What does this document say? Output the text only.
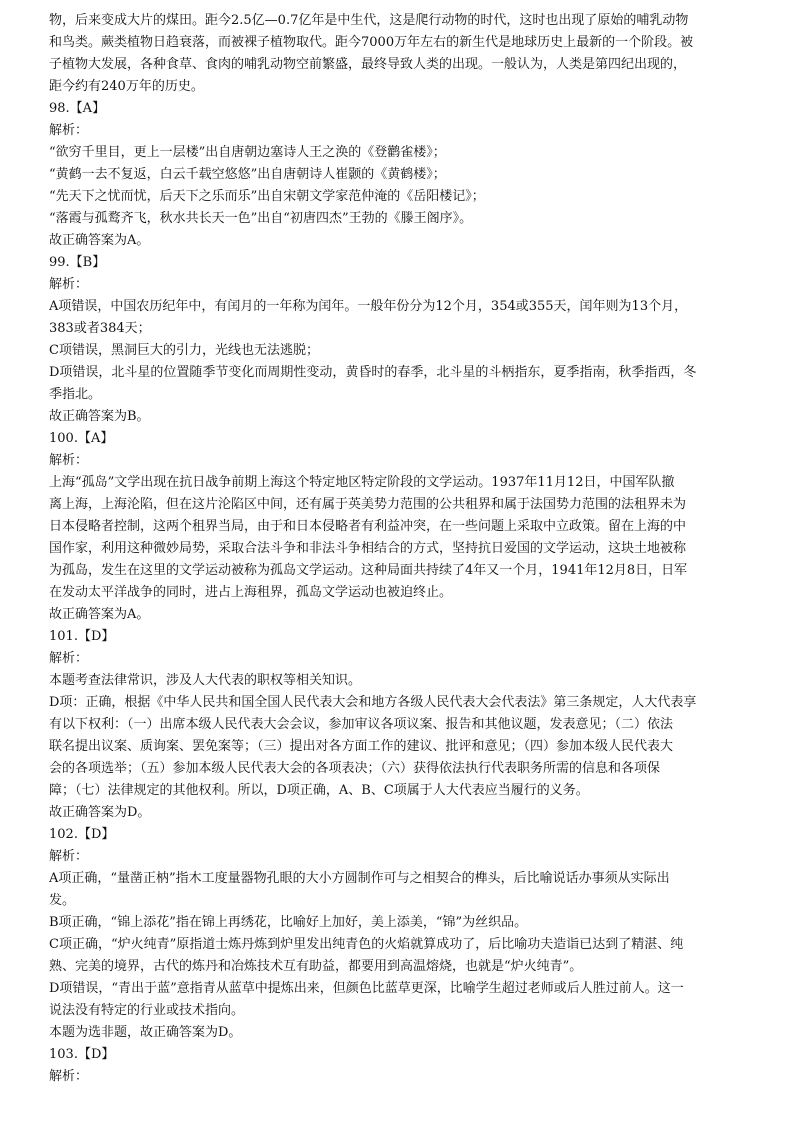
物，后来变成大片的煤田。距今2.5亿—0.7亿年是中生代，这是爬行动物的时代，这时也出现了原始的哺乳动物
和鸟类。蕨类植物日趋衰落，而被裸子植物取代。距今7000万年左右的新生代是地球历史上最新的一个阶段。被
子植物大发展，各种食草、食肉的哺乳动物空前繁盛，最终导致人类的出现。一般认为，人类是第四纪出现的，
距今约有240万年的历史。
98.【A】
解析：
“欲穷千里目，更上一层楼”出自唐朝边塞诗人王之涣的《登鹳雀楼》；
“黄鹤一去不复返，白云千载空悠悠”出自唐朝诗人崔颢的《黄鹤楼》；
“先天下之忧而忧，后天下之乐而乐”出自宋朝文学家范仲淹的《岳阳楼记》；
“落霞与孤鹜齐飞，秋水共长天一色”出自“初唐四杰”王勃的《滕王阁序》。
故正确答案为A。
99.【B】
解析：
A项错误，中国农历纪年中，有闰月的一年称为闰年。一般年份分为12个月，354或355天，闰年则为13个月，
383或者384天；
C项错误，黑洞巨大的引力，光线也无法逃脱；
D项错误，北斗星的位置随季节变化而周期性变动，黄昏时的春季，北斗星的斗柄指东，夏季指南，秋季指西，冬
季指北。
故正确答案为B。
100.【A】
解析：
上海“孤岛”文学出现在抗日战争前期上海这个特定地区特定阶段的文学运动。1937年11月12日，中国军队撤
离上海，上海沦陷，但在这片沦陷区中间，还有属于英美势力范围的公共租界和属于法国势力范围的法租界未为
日本侵略者控制，这两个租界当局，由于和日本侵略者有利益冲突，在一些问题上采取中立政策。留在上海的中
国作家，利用这种微妙局势，采取合法斗争和非法斗争相结合的方式，坚持抗日爱国的文学运动，这块土地被称
为孤岛，发生在这里的文学运动被称为孤岛文学运动。这种局面共持续了4年又一个月，1941年12月8日，日军
在发动太平洋战争的同时，进占上海租界，孤岛文学运动也被迫终止。
故正确答案为A。
101.【D】
解析：
本题考查法律常识，涉及人大代表的职权等相关知识。
D项：正确，根据《中华人民共和国全国人民代表大会和地方各级人民代表大会代表法》第三条规定，人大代表享
有以下权利：（一）出席本级人民代表大会会议，参加审议各项议案、报告和其他议题，发表意见；（二）依法
联名提出议案、质询案、罢免案等；（三）提出对各方面工作的建议、批评和意见；（四）参加本级人民代表大
会的各项选举；（五）参加本级人民代表大会的各项表决；（六）获得依法执行代表职务所需的信息和各项保
障；（七）法律规定的其他权利。所以，D项正确，A、B、C项属于人大代表应当履行的义务。
故正确答案为D。
102.【D】
解析：
A项正确，“量凿正枘”指木工度量器物孔眼的大小方圆制作可与之相契合的榫头，后比喻说话办事须从实际出
发。
B项正确，“锦上添花”指在锦上再绣花，比喻好上加好，美上添美，“锦”为丝织品。
C项正确，“炉火纯青”原指道士炼丹炼到炉里发出纯青色的火焰就算成功了，后比喻功夫造诣已达到了精湛、纯
熟、完美的境界，古代的炼丹和冶炼技术互有助益，都要用到高温熔烧，也就是“炉火纯青”。
D项错误，“青出于蓝”意指青从蓝草中提炼出来，但颜色比蓝草更深，比喻学生超过老师或后人胜过前人。这一
说法没有特定的行业或技术指向。
本题为选非题，故正确答案为D。
103.【D】
解析：
